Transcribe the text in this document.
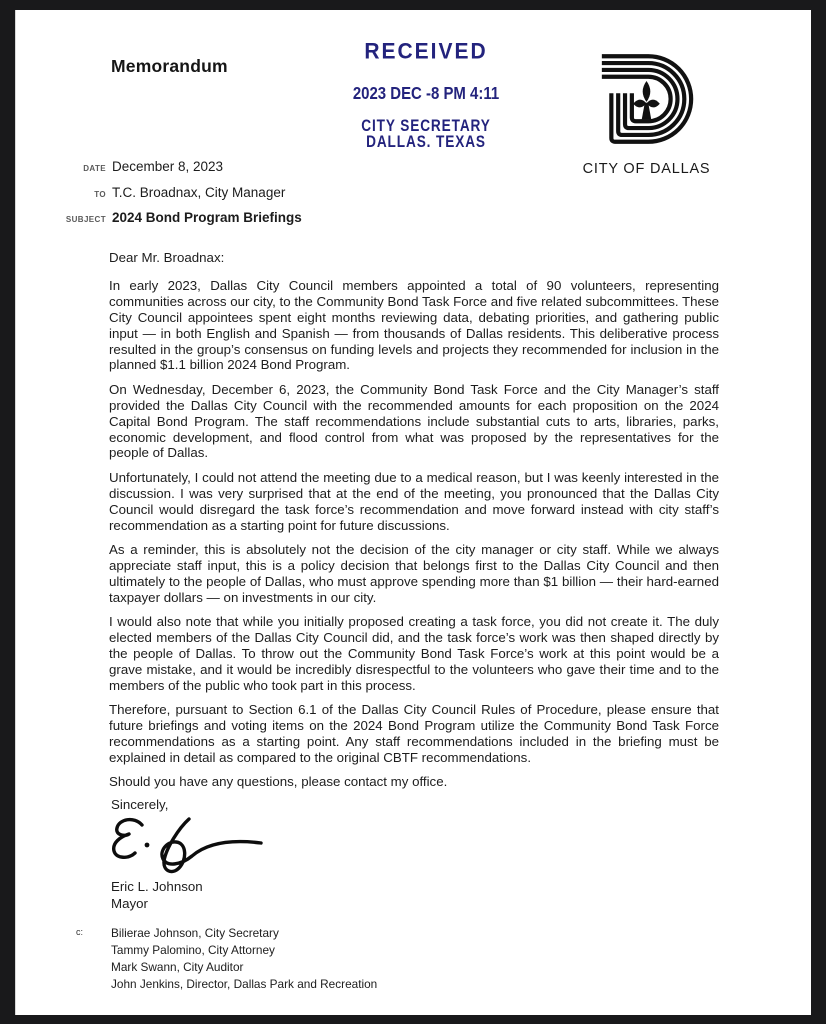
Memorandum
RECEIVED
2023 DEC -8 PM 4:11
CITY SECRETARY
DALLAS. TEXAS
CITY OF DALLAS
DATE December 8, 2023
TO T.C. Broadnax, City Manager
SUBJECT 2024 Bond Program Briefings

Dear Mr. Broadnax:

In early 2023, Dallas City Council members appointed a total of 90 volunteers, representing communities across our city, to the Community Bond Task Force and five related subcommittees. These City Council appointees spent eight months reviewing data, debating priorities, and gathering public input — in both English and Spanish — from thousands of Dallas residents. This deliberative process resulted in the group’s consensus on funding levels and projects they recommended for inclusion in the planned $1.1 billion 2024 Bond Program.

On Wednesday, December 6, 2023, the Community Bond Task Force and the City Manager’s staff provided the Dallas City Council with the recommended amounts for each proposition on the 2024 Capital Bond Program. The staff recommendations include substantial cuts to arts, libraries, parks, economic development, and flood control from what was proposed by the representatives for the people of Dallas.

Unfortunately, I could not attend the meeting due to a medical reason, but I was keenly interested in the discussion. I was very surprised that at the end of the meeting, you pronounced that the Dallas City Council would disregard the task force’s recommendation and move forward instead with city staff’s recommendation as a starting point for future discussions.

As a reminder, this is absolutely not the decision of the city manager or city staff. While we always appreciate staff input, this is a policy decision that belongs first to the Dallas City Council and then ultimately to the people of Dallas, who must approve spending more than $1 billion — their hard-earned taxpayer dollars — on investments in our city.

I would also note that while you initially proposed creating a task force, you did not create it. The duly elected members of the Dallas City Council did, and the task force’s work was then shaped directly by the people of Dallas. To throw out the Community Bond Task Force’s work at this point would be a grave mistake, and it would be incredibly disrespectful to the volunteers who gave their time and to the members of the public who took part in this process.

Therefore, pursuant to Section 6.1 of the Dallas City Council Rules of Procedure, please ensure that future briefings and voting items on the 2024 Bond Program utilize the Community Bond Task Force recommendations as a starting point. Any staff recommendations included in the briefing must be explained in detail as compared to the original CBTF recommendations.

Should you have any questions, please contact my office.

Sincerely,
Eric L. Johnson
Mayor
c: Bilierae Johnson, City Secretary
Tammy Palomino, City Attorney
Mark Swann, City Auditor
John Jenkins, Director, Dallas Park and Recreation
